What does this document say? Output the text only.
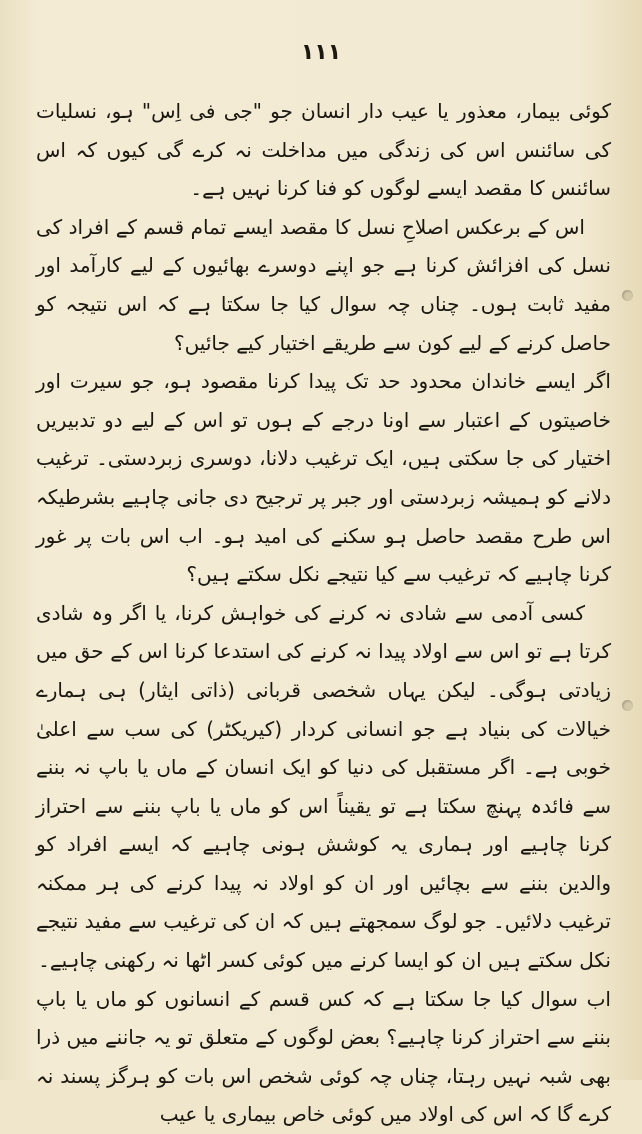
۱۱۱

کوئی بیمار، معذور یا عیب دار انسان جو "جی فی اِس" ہو، نسلیات کی سائنس اس کی زندگی میں مداخلت نہ کرے گی کیوں کہ اس سائنس کا مقصد ایسے لوگوں کو فنا کرنا نہیں ہے۔

اس کے برعکس اصلاحِ نسل کا مقصد ایسے تمام قسم کے افراد کی نسل کی افزائش کرنا ہے جو اپنے دوسرے بھائیوں کے لیے کارآمد اور مفید ثابت ہوں۔ چناں چہ سوال کیا جا سکتا ہے کہ اس نتیجہ کو حاصل کرنے کے لیے کون سے طریقے اختیار کیے جائیں؟

اگر ایسے خاندان محدود حد تک پیدا کرنا مقصود ہو، جو سیرت اور خاصیتوں کے اعتبار سے اونا درجے کے ہوں تو اس کے لیے دو تدبیریں اختیار کی جا سکتی ہیں، ایک ترغیب دلانا، دوسری زبردستی۔ ترغیب دلانے کو ہمیشہ زبردستی اور جبر پر ترجیح دی جانی چاہیے بشرطیکہ اس طرح مقصد حاصل ہو سکنے کی امید ہو۔ اب اس بات پر غور کرنا چاہیے کہ ترغیب سے کیا نتیجے نکل سکتے ہیں؟

کسی آدمی سے شادی نہ کرنے کی خواہش کرنا، یا اگر وہ شادی کرتا ہے تو اس سے اولاد پیدا نہ کرنے کی استدعا کرنا اس کے حق میں زیادتی ہوگی۔ لیکن یہاں شخصی قربانی (ذاتی ایثار) ہی ہمارے خیالات کی بنیاد ہے جو انسانی کردار (کیریکٹر) کی سب سے اعلیٰ خوبی ہے۔ اگر مستقبل کی دنیا کو ایک انسان کے ماں یا باپ نہ بننے سے فائدہ پہنچ سکتا ہے تو یقیناً اس کو ماں یا باپ بننے سے احتراز کرنا چاہیے اور ہماری یہ کوشش ہونی چاہیے کہ ایسے افراد کو والدین بننے سے بچائیں اور ان کو اولاد نہ پیدا کرنے کی ہر ممکنہ ترغیب دلائیں۔ جو لوگ سمجھتے ہیں کہ ان کی ترغیب سے مفید نتیجے نکل سکتے ہیں ان کو ایسا کرنے میں کوئی کسر اٹھا نہ رکھنی چاہیے۔

اب سوال کیا جا سکتا ہے کہ کس قسم کے انسانوں کو ماں یا باپ بننے سے احتراز کرنا چاہیے؟ بعض لوگوں کے متعلق تو یہ جاننے میں ذرا بھی شبہ نہیں رہتا، چناں چہ کوئی شخص اس بات کو ہرگز پسند نہ کرے گا کہ اس کی اولاد میں کوئی خاص بیماری یا عیب
